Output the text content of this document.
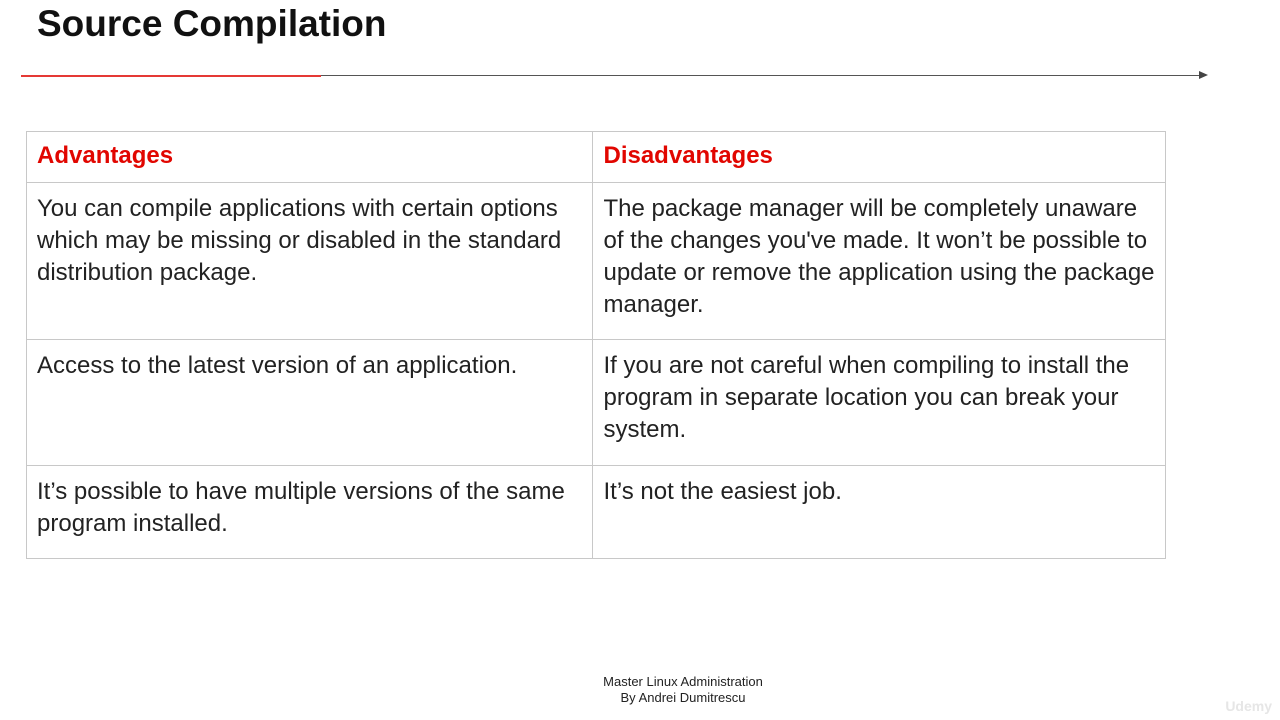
Source Compilation
Advantages	Disadvantages
You can compile applications with certain options which may be missing or disabled in the standard distribution package.	The package manager will be completely unaware of the changes you've made. It won’t be possible to update or remove the application using the package manager.
Access to the latest version of an application.	If you are not careful when compiling to install the program in separate location you can break your system.
It’s possible to have multiple versions of the same program installed.	It’s not the easiest job.
Master Linux Administration
By Andrei Dumitrescu
Udemy
